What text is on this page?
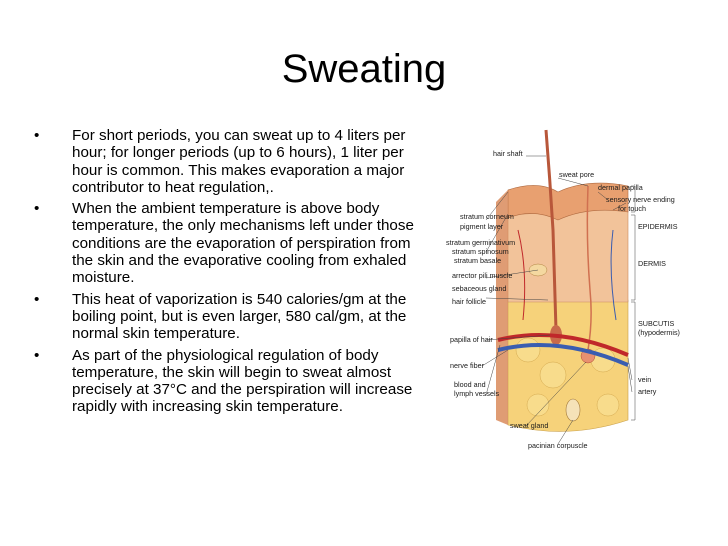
Sweating
• For short periods, you can sweat up to 4 liters per hour; for longer periods (up to 6 hours), 1 liter per hour is common. This makes evaporation a major contributor to heat regulation,.
• When the ambient temperature is above body temperature, the only mechanisms left under those conditions are the evaporation of perspiration from the skin and the evaporative cooling from exhaled moisture.
• This heat of vaporization is 540 calories/gm at the boiling point, but is even larger, 580 cal/gm, at the normal skin temperature.
• As part of the physiological regulation of body temperature, the skin will begin to sweat almost precisely at 37°C and the perspiration will increase rapidly with increasing skin temperature.
hair shaft
sweat pore
dermal papilla
sensory nerve ending
for touch
stratum corneum
pigment layer
stratum germinativum
stratum spinosum
stratum basale
arrector pili muscle
sebaceous gland
hair follicle
papilla of hair
nerve fiber
blood and
lymph vessels
sweat gland
pacinian corpuscle
EPIDERMIS
DERMIS
SUBCUTIS
(hypodermis)
vein
artery
